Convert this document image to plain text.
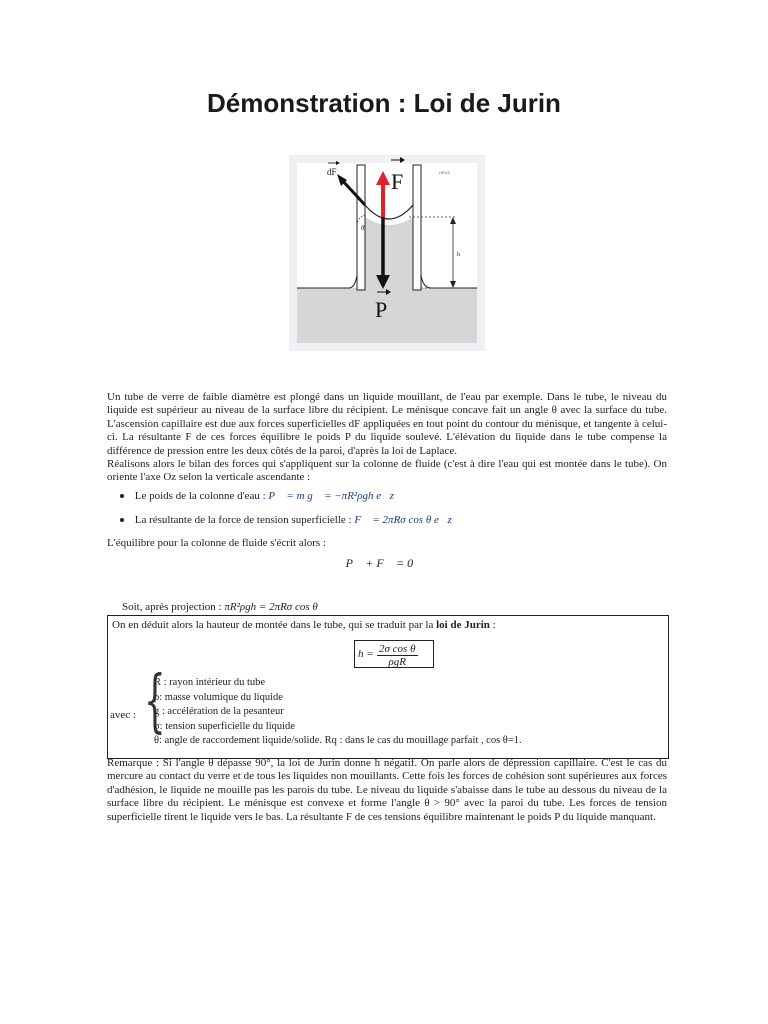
Démonstration : Loi de Jurin
h
dF
θ
F
P
HEUK
Un tube de verre de faible diamètre est plongé dans un liquide mouillant, de l'eau par exemple. Dans le tube, le niveau du liquide est supérieur au niveau de la surface libre du récipient. Le ménisque concave fait un angle θ avec la surface du tube. L'ascension capillaire est due aux forces superficielles dF appliquées en tout point du contour du ménisque, et tangente à celui-ci. La résultante F de ces forces équilibre le poids P du liquide soulevé. L'élévation du liquide dans le tube compense la différence de pression entre les deux côtés de la paroi, d'après la loi de Laplace.
Réalisons alors le bilan des forces qui s'appliquent sur la colonne de fluide (c'est à dire l'eau qui est montée dans le tube). On oriente l'axe Oz selon la verticale ascendante :
Le poids de la colonne d'eau : P⃗ = m g⃗ = −πR²ρgh e⃗z
La résultante de la force de tension superficielle : F⃗ = 2πRσ cos θ e⃗z
L'équilibre pour la colonne de fluide s'écrit alors :
P⃗ + F⃗ = 0⃗
Soit, après projection : πR²ρgh = 2πRσ cos θ
On en déduit alors la hauteur de montée dans le tube, qui se traduit par la loi de Jurin :
h = 2σ cos θ
ρgR
avec : {
R : rayon intérieur du tube
ρ: masse volumique du liquide
g : accélération de la pesanteur
σ: tension superficielle du liquide
θ: angle de raccordement liquide/solide. Rq : dans le cas du mouillage parfait , cos θ=1.
Remarque : Si l'angle θ dépasse 90°, la loi de Jurin donne h négatif. On parle alors de dépression capillaire. C'est le cas du mercure au contact du verre et de tous les liquides non mouillants. Cette fois les forces de cohésion sont supérieures aux forces d'adhésion, le liquide ne mouille pas les parois du tube. Le niveau du liquide s'abaisse dans le tube au dessous du niveau de la surface libre du récipient. Le ménisque est convexe et forme l'angle θ > 90° avec la paroi du tube. Les forces de tension superficielle tirent le liquide vers le bas. La résultante F de ces tensions équilibre maintenant le poids P du liquide manquant.
